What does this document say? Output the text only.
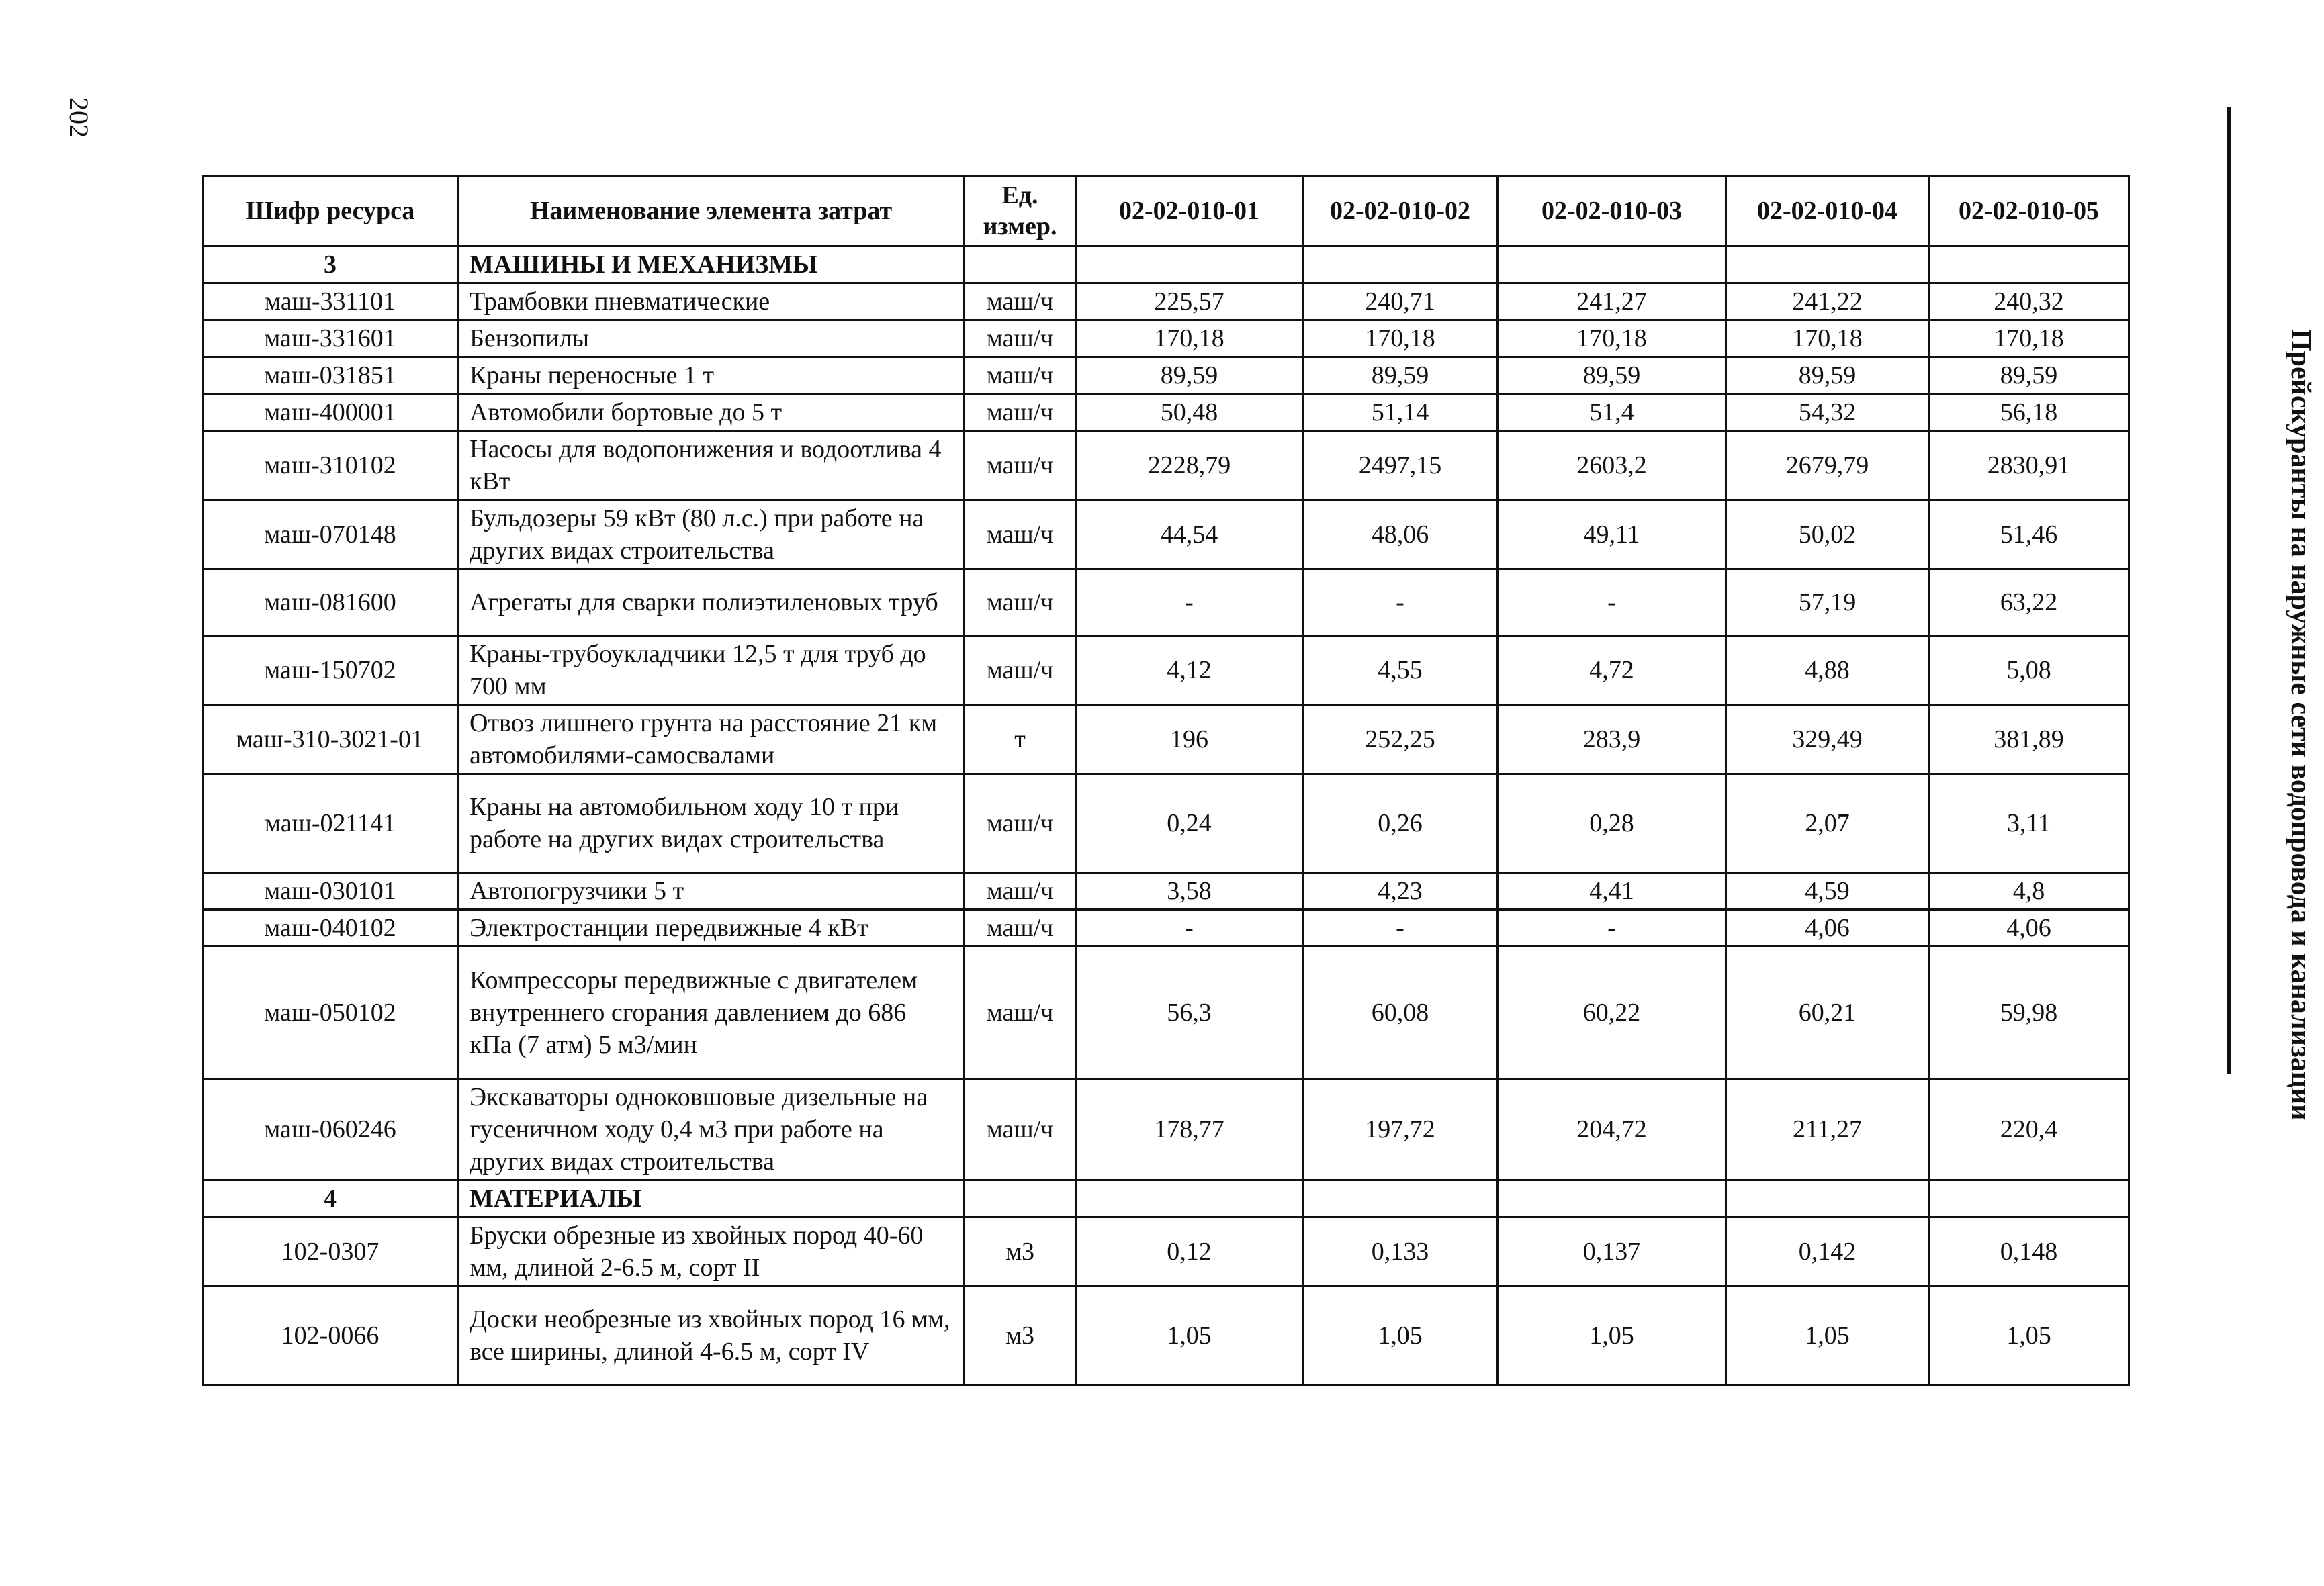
202
Прейскуранты на наружные сети водопровода и канализации
Шифр ресурса	Наименование элемента затрат	Ед. измер.	02-02-010-01	02-02-010-02	02-02-010-03	02-02-010-04	02-02-010-05
3	МАШИНЫ И МЕХАНИЗМЫ						
маш-331101	Трамбовки пневматические	маш/ч	225,57	240,71	241,27	241,22	240,32
маш-331601	Бензопилы	маш/ч	170,18	170,18	170,18	170,18	170,18
маш-031851	Краны переносные 1 т	маш/ч	89,59	89,59	89,59	89,59	89,59
маш-400001	Автомобили бортовые до 5 т	маш/ч	50,48	51,14	51,4	54,32	56,18
маш-310102	Насосы для водопонижения и водоотлива 4 кВт	маш/ч	2228,79	2497,15	2603,2	2679,79	2830,91
маш-070148	Бульдозеры 59 кВт (80 л.с.) при работе на других видах строительства	маш/ч	44,54	48,06	49,11	50,02	51,46
маш-081600	Агрегаты для сварки полиэтиленовых труб	маш/ч	-	-	-	57,19	63,22
маш-150702	Краны-трубоукладчики 12,5 т для труб до 700 мм	маш/ч	4,12	4,55	4,72	4,88	5,08
маш-310-3021-01	Отвоз лишнего грунта на расстояние 21 км автомобилями-самосвалами	т	196	252,25	283,9	329,49	381,89
маш-021141	Краны на автомобильном ходу 10 т при работе на других видах строительства	маш/ч	0,24	0,26	0,28	2,07	3,11
маш-030101	Автопогрузчики 5 т	маш/ч	3,58	4,23	4,41	4,59	4,8
маш-040102	Электростанции передвижные 4 кВт	маш/ч	-	-	-	4,06	4,06
маш-050102	Компрессоры передвижные с двигателем внутреннего сгорания давлением до 686 кПа (7 атм) 5 м3/мин	маш/ч	56,3	60,08	60,22	60,21	59,98
маш-060246	Экскаваторы одноковшовые дизельные на гусеничном ходу 0,4 м3 при работе на других видах строительства	маш/ч	178,77	197,72	204,72	211,27	220,4
4	МАТЕРИАЛЫ						
102-0307	Бруски обрезные из хвойных пород 40-60 мм, длиной 2-6.5 м, сорт II	м3	0,12	0,133	0,137	0,142	0,148
102-0066	Доски необрезные из хвойных пород 16 мм, все ширины, длиной 4-6.5 м, сорт IV	м3	1,05	1,05	1,05	1,05	1,05
